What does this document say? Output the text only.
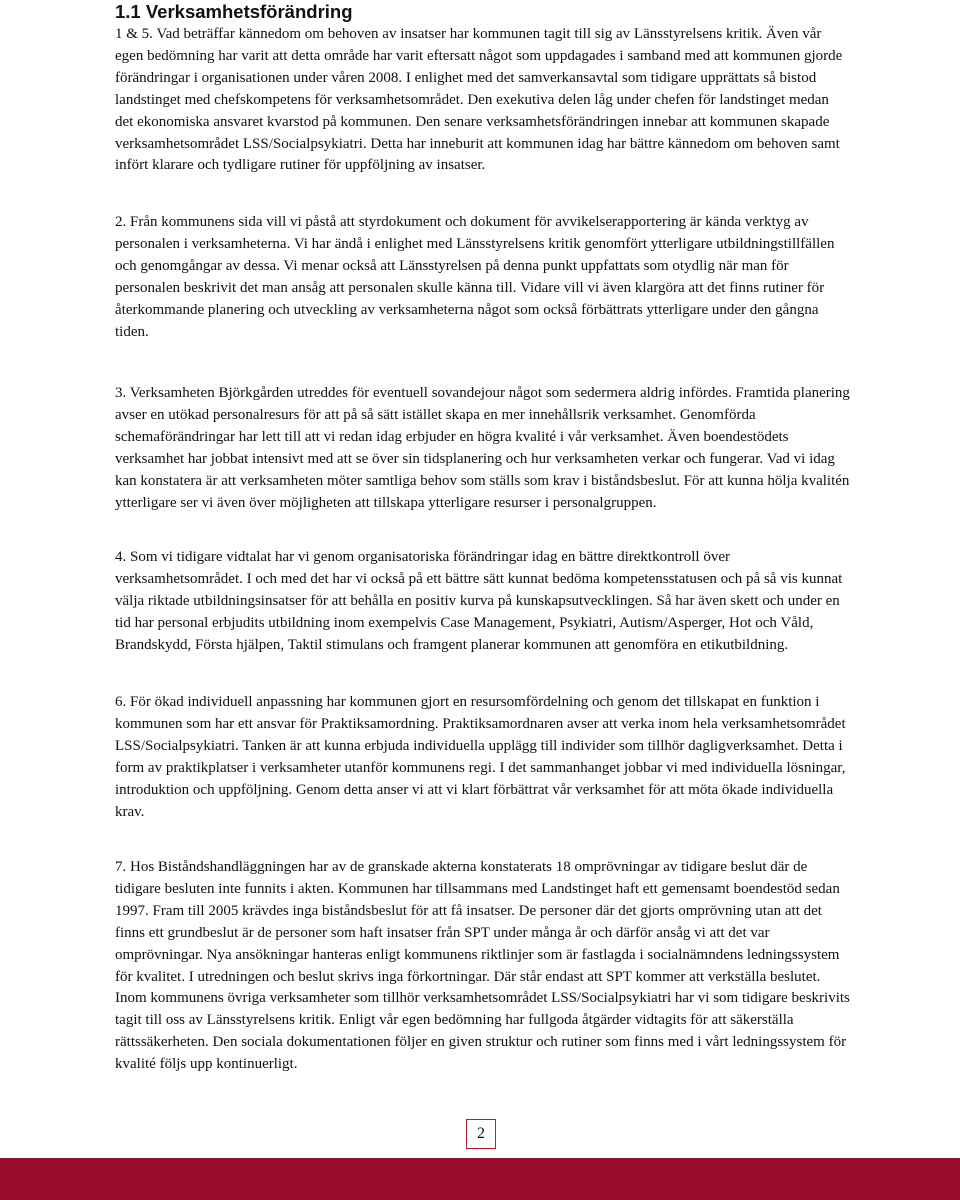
1.1 Verksamhetsförändring

1 & 5. Vad beträffar kännedom om behoven av insatser har kommunen tagit till sig av Länsstyrelsens kritik. Även vår egen bedömning har varit att detta område har varit eftersatt något som uppdagades i samband med att kommunen gjorde förändringar i organisationen under våren 2008. I enlighet med det samverkansavtal som tidigare upprättats så bistod landstinget med chefskompetens för verksamhetsområdet. Den exekutiva delen låg under chefen för landstinget medan det ekonomiska ansvaret kvarstod på kommunen. Den senare verksamhetsförändringen innebar att kommunen skapade verksamhetsområdet LSS/Socialpsykiatri. Detta har inneburit att kommunen idag har bättre kännedom om behoven samt infört klarare och tydligare rutiner för uppföljning av insatser.

2. Från kommunens sida vill vi påstå att styrdokument och dokument för avvikelserapportering är kända verktyg av personalen i verksamheterna. Vi har ändå i enlighet med Länsstyrelsens kritik genomfört ytterligare utbildningstillfällen och genomgångar av dessa. Vi menar också att Länsstyrelsen på denna punkt uppfattats som otydlig när man för personalen beskrivit det man ansåg att personalen skulle känna till. Vidare vill vi även klargöra att det finns rutiner för återkommande planering och utveckling av verksamheterna något som också förbättrats ytterligare under den gångna tiden.

3. Verksamheten Björkgården utreddes för eventuell sovandejour något som sedermera aldrig infördes. Framtida planering avser en utökad personalresurs för att på så sätt istället skapa en mer innehållsrik verksamhet. Genomförda schemaförändringar har lett till att vi redan idag erbjuder en högra kvalité i vår verksamhet. Även boendestödets verksamhet har jobbat intensivt med att se över sin tidsplanering och hur verksamheten verkar och fungerar. Vad vi idag kan konstatera är att verksamheten möter samtliga behov som ställs som krav i biståndsbeslut. För att kunna hölja kvalitén ytterligare ser vi även över möjligheten att tillskapa ytterligare resurser i personalgruppen.

4. Som vi tidigare vidtalat har vi genom organisatoriska förändringar idag en bättre direktkontroll över verksamhetsområdet. I och med det har vi också på ett bättre sätt kunnat bedöma kompetensstatusen och på så vis kunnat välja riktade utbildningsinsatser för att behålla en positiv kurva på kunskapsutvecklingen. Så har även skett och under en tid har personal erbjudits utbildning inom exempelvis Case Management, Psykiatri, Autism/Asperger, Hot och Våld, Brandskydd, Första hjälpen, Taktil stimulans och framgent planerar kommunen att genomföra en etikutbildning.

6. För ökad individuell anpassning har kommunen gjort en resursomfördelning och genom det tillskapat en funktion i kommunen som har ett ansvar för Praktiksamordning. Praktiksamordnaren avser att verka inom hela verksamhetsområdet LSS/Socialpsykiatri. Tanken är att kunna erbjuda individuella upplägg till individer som tillhör dagligverksamhet. Detta i form av praktikplatser i verksamheter utanför kommunens regi. I det sammanhanget jobbar vi med individuella lösningar, introduktion och uppföljning. Genom detta anser vi att vi klart förbättrat vår verksamhet för att möta ökade individuella krav.

7. Hos Biståndshandläggningen har av de granskade akterna konstaterats 18 omprövningar av tidigare beslut där de tidigare besluten inte funnits i akten. Kommunen har tillsammans med Landstinget haft ett gemensamt boendestöd sedan 1997. Fram till 2005 krävdes inga biståndsbeslut för att få insatser. De personer där det gjorts omprövning utan att det finns ett grundbeslut är de personer som haft insatser från SPT under många år och därför ansåg vi att det var omprövningar. Nya ansökningar hanteras enligt kommunens riktlinjer som är fastlagda i socialnämndens ledningssystem för kvalitet. I utredningen och beslut skrivs inga förkortningar. Där står endast att SPT kommer att verkställa beslutet. Inom kommunens övriga verksamheter som tillhör verksamhetsområdet LSS/Socialpsykiatri har vi som tidigare beskrivits tagit till oss av Länsstyrelsens kritik. Enligt vår egen bedömning har fullgoda åtgärder vidtagits för att säkerställa rättssäkerheten. Den sociala dokumentationen följer en given struktur och rutiner som finns med i vårt ledningssystem för kvalité följs upp kontinuerligt.

2
